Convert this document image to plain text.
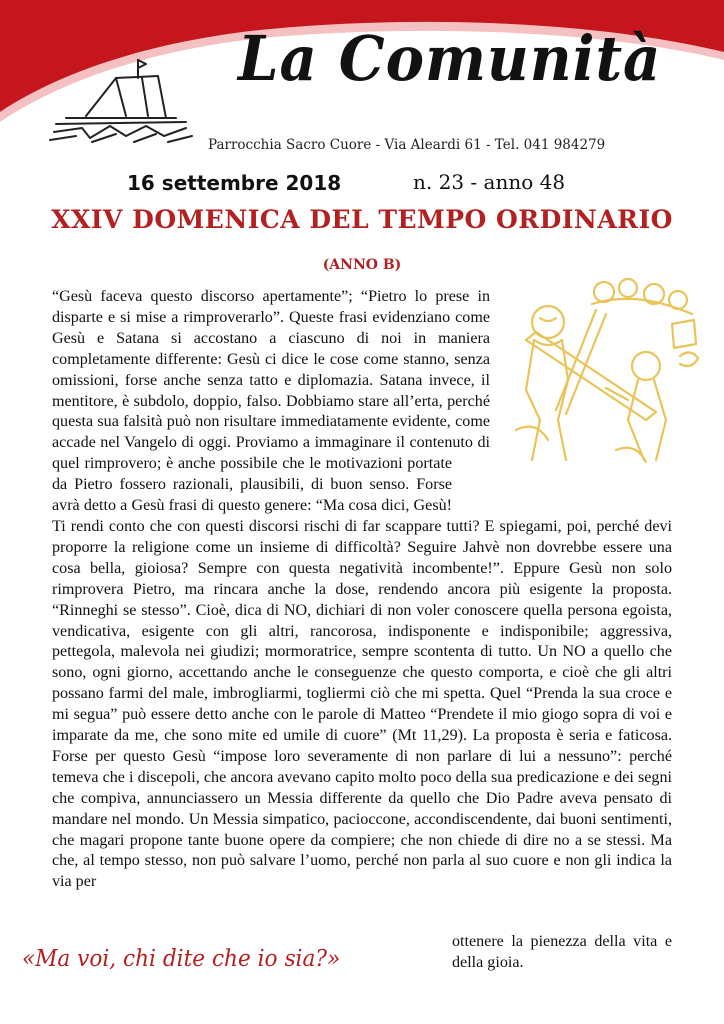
La Comunità
Parrocchia Sacro Cuore - Via Aleardi 61 - Tel. 041 984279
16 settembre 2018	n. 23 - anno 48
XXIV DOMENICA DEL TEMPO ORDINARIO
(ANNO B)
“Gesù faceva questo discorso apertamente”; “Pietro lo prese in disparte e si mise a rimproverarlo”. Queste frasi evidenziano come Gesù e Satana si accostano a ciascuno di noi in maniera completamente differente: Gesù ci dice le cose come stanno, senza omissioni, forse anche senza tatto e diplomazia. Satana invece, il mentitore, è subdolo, doppio, falso. Dobbiamo stare all’erta, perché questa sua falsità può non risultare immediatamente evidente, come accade nel Vangelo di oggi. Proviamo a immaginare il contenuto di quel rimprovero; è anche possibile che le motivazioni portate da Pietro fossero razionali, plausibili, di buon senso. Forse avrà detto a Gesù frasi di questo genere: “Ma cosa dici, Gesù! Ti rendi conto che con questi discorsi rischi di far scappare tutti? E spiegami, poi, perché devi proporre la religione come un insieme di difficoltà? Seguire Jahvè non dovrebbe essere una cosa bella, gioiosa? Sempre con questa negatività incombente!”. Eppure Gesù non solo rimprovera Pietro, ma rincara anche la dose, rendendo ancora più esigente la proposta. “Rinneghi se stesso”. Cioè, dica di NO, dichiari di non voler conoscere quella persona egoista, vendicativa, esigente con gli altri, rancorosa, indisponente e indisponibile; aggressiva, pettegola, malevola nei giudizi; mormoratrice, sempre scontenta di tutto. Un NO a quello che sono, ogni giorno, accettando anche le conseguenze che questo comporta, e cioè che gli altri possano farmi del male, imbrogliarmi, togliermi ciò che mi spetta. Quel “Prenda la sua croce e mi segua” può essere detto anche con le parole di Matteo “Prendete il mio giogo sopra di voi e imparate da me, che sono mite ed umile di cuore” (Mt 11,29). La proposta è seria e faticosa. Forse per questo Gesù “impose loro severamente di non parlare di lui a nessuno”: perché temeva che i discepoli, che ancora avevano capito molto poco della sua predicazione e dei segni che compiva, annunciassero un Messia differente da quello che Dio Padre aveva pensato di mandare nel mondo. Un Messia simpatico, pacioccone, accondiscendente, dai buoni sentimenti, che magari propone tante buone opere da compiere; che non chiede di dire no a se stessi. Ma che, al tempo stesso, non può salvare l’uomo, perché non parla al suo cuore e non gli indica la via per
«Ma voi, chi dite che io sia?»
ottenere la pienezza della vita e della gioia.
